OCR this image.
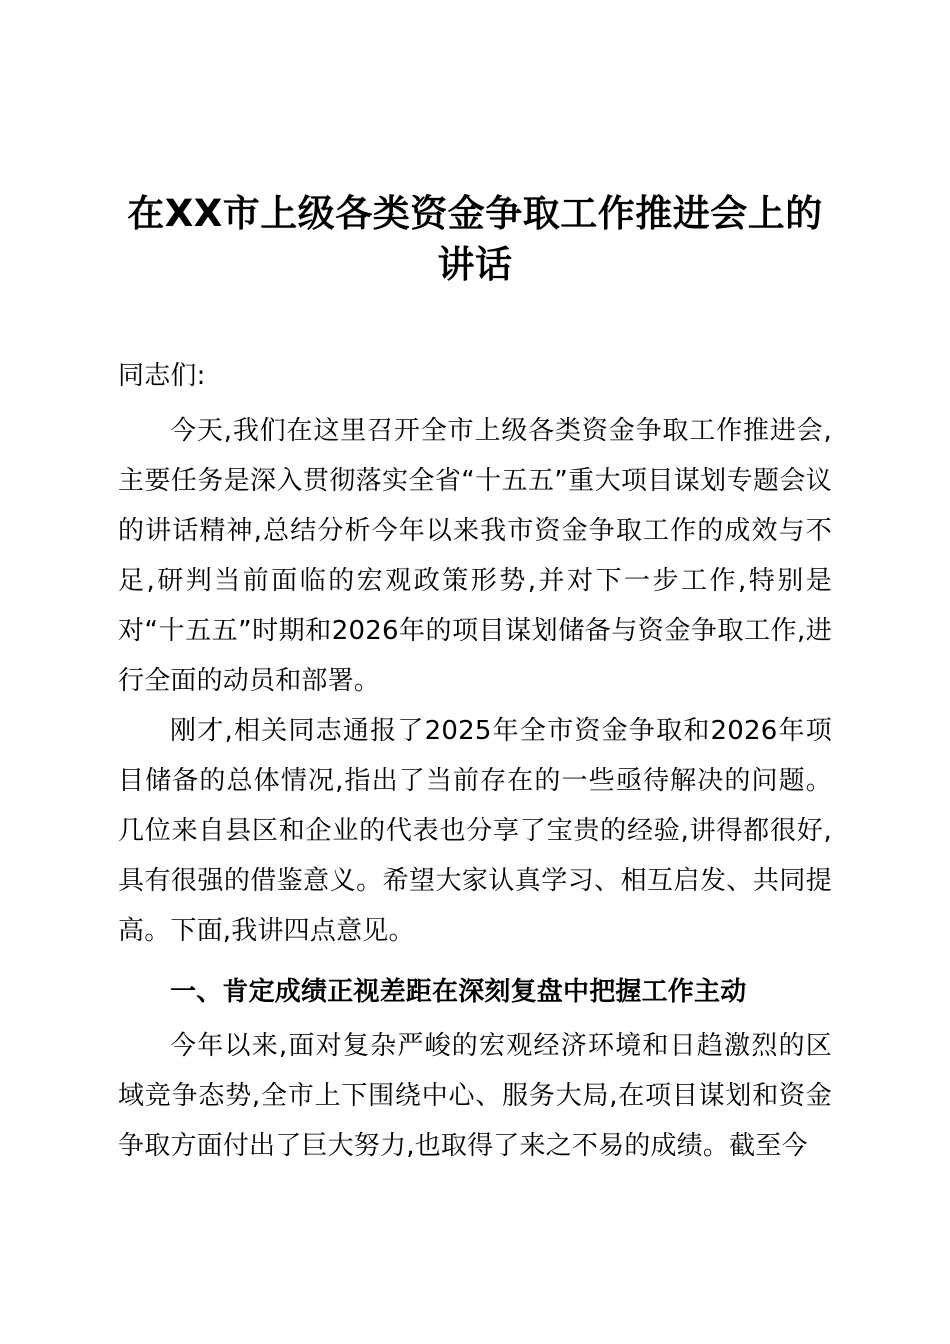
在XX市上级各类资金争取工作推进会上的讲话
同志们:

今天,我们在这里召开全市上级各类资金争取工作推进会,主要任务是深入贯彻落实全省“十五五”重大项目谋划专题会议的讲话精神,总结分析今年以来我市资金争取工作的成效与不足,研判当前面临的宏观政策形势,并对下一步工作,特别是对“十五五”时期和2026年的项目谋划储备与资金争取工作,进行全面的动员和部署。

刚才,相关同志通报了2025年全市资金争取和2026年项目储备的总体情况,指出了当前存在的一些亟待解决的问题。几位来自县区和企业的代表也分享了宝贵的经验,讲得都很好,具有很强的借鉴意义。希望大家认真学习、相互启发、共同提高。下面,我讲四点意见。

一、肯定成绩正视差距在深刻复盘中把握工作主动

今年以来,面对复杂严峻的宏观经济环境和日趋激烈的区域竞争态势,全市上下围绕中心、服务大局,在项目谋划和资金争取方面付出了巨大努力,也取得了来之不易的成绩。截至今
